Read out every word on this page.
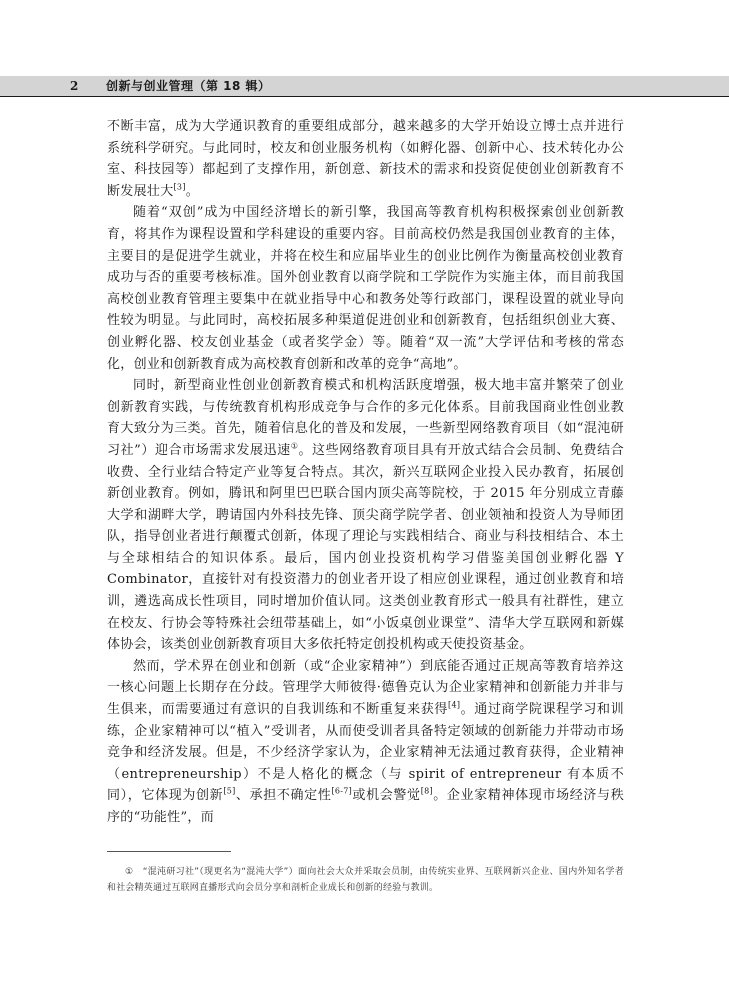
2 创新与创业管理（第 18 辑）

不断丰富，成为大学通识教育的重要组成部分，越来越多的大学开始设立博士点并进行系统科学研究。与此同时，校友和创业服务机构（如孵化器、创新中心、技术转化办公室、科技园等）都起到了支撑作用，新创意、新技术的需求和投资促使创业创新教育不断发展壮大[3]。

随着“双创”成为中国经济增长的新引擎，我国高等教育机构积极探索创业创新教育，将其作为课程设置和学科建设的重要内容。目前高校仍然是我国创业教育的主体，主要目的是促进学生就业，并将在校生和应届毕业生的创业比例作为衡量高校创业教育成功与否的重要考核标准。国外创业教育以商学院和工学院作为实施主体，而目前我国高校创业教育管理主要集中在就业指导中心和教务处等行政部门，课程设置的就业导向性较为明显。与此同时，高校拓展多种渠道促进创业和创新教育，包括组织创业大赛、创业孵化器、校友创业基金（或者奖学金）等。随着“双一流”大学评估和考核的常态化，创业和创新教育成为高校教育创新和改革的竞争“高地”。

同时，新型商业性创业创新教育模式和机构活跃度增强，极大地丰富并繁荣了创业创新教育实践，与传统教育机构形成竞争与合作的多元化体系。目前我国商业性创业教育大致分为三类。首先，随着信息化的普及和发展，一些新型网络教育项目（如“混沌研习社”）迎合市场需求发展迅速①。这些网络教育项目具有开放式结合会员制、免费结合收费、全行业结合特定产业等复合特点。其次，新兴互联网企业投入民办教育，拓展创新创业教育。例如，腾讯和阿里巴巴联合国内顶尖高等院校，于 2015 年分别成立青藤大学和湖畔大学，聘请国内外科技先锋、顶尖商学院学者、创业领袖和投资人为导师团队，指导创业者进行颠覆式创新，体现了理论与实践相结合、商业与科技相结合、本土与全球相结合的知识体系。最后，国内创业投资机构学习借鉴美国创业孵化器 Y Combinator，直接针对有投资潜力的创业者开设了相应创业课程，通过创业教育和培训，遴选高成长性项目，同时增加价值认同。这类创业教育形式一般具有社群性，建立在校友、行协会等特殊社会纽带基础上，如“小饭桌创业课堂”、清华大学互联网和新媒体协会，该类创业创新教育项目大多依托特定创投机构或天使投资基金。

然而，学术界在创业和创新（或“企业家精神”）到底能否通过正规高等教育培养这一核心问题上长期存在分歧。管理学大师彼得·德鲁克认为企业家精神和创新能力并非与生俱来，而需要通过有意识的自我训练和不断重复来获得[4]。通过商学院课程学习和训练，企业家精神可以“植入”受训者，从而使受训者具备特定领域的创新能力并带动市场竞争和经济发展。但是，不少经济学家认为，企业家精神无法通过教育获得，企业精神（entrepreneurship）不是人格化的概念（与 spirit of entrepreneur 有本质不同），它体现为创新[5]、承担不确定性[6-7]或机会警觉[8]。企业家精神体现市场经济与秩序的“功能性”，而

①　“混沌研习社”（现更名为“混沌大学”）面向社会大众并采取会员制，由传统实业界、互联网新兴企业、国内外知名学者和社会精英通过互联网直播形式向会员分享和剖析企业成长和创新的经验与教训。
